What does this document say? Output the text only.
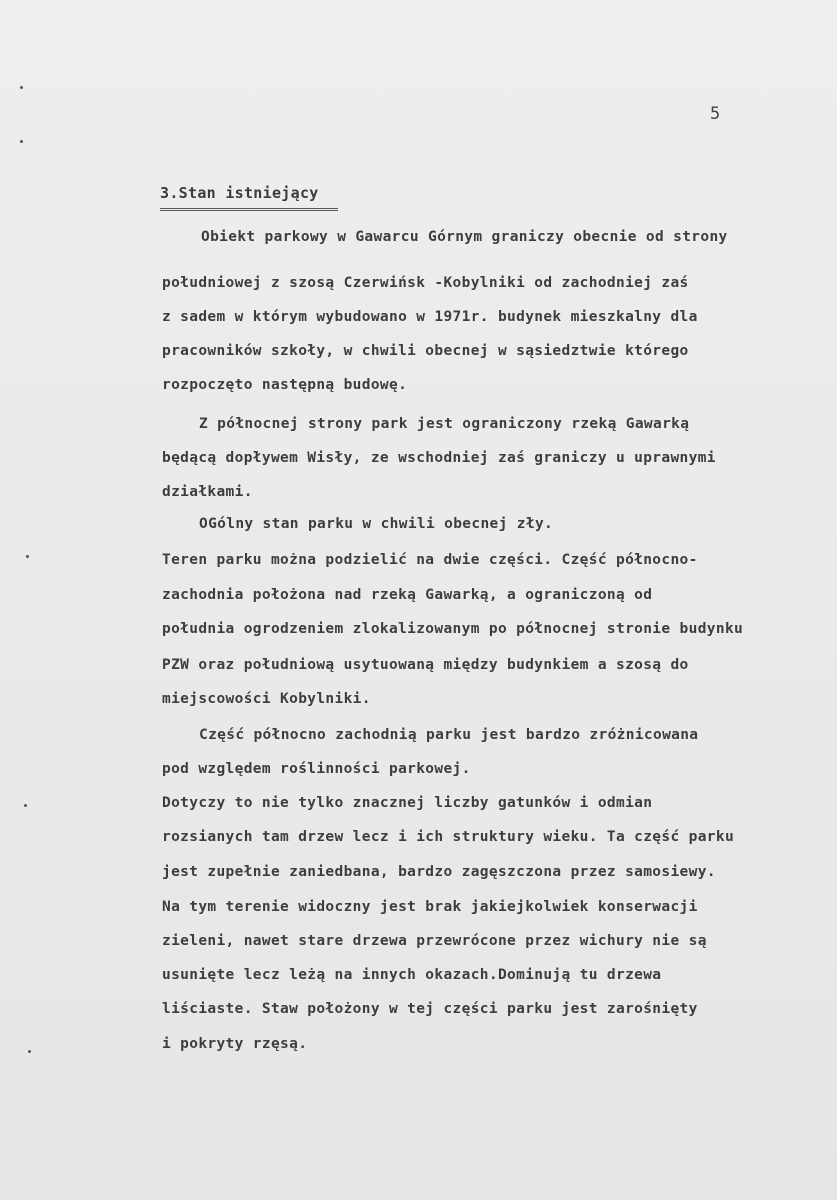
5
3.Stan istniejący
Obiekt parkowy w Gawarcu Górnym graniczy obecnie od strony
południowej z szosą Czerwińsk -Kobylniki od zachodniej zaś
z sadem w którym wybudowano w 1971r. budynek mieszkalny dla
pracowników szkoły, w chwili obecnej w sąsiedztwie którego
rozpoczęto następną budowę.
Z północnej strony park jest ograniczony rzeką Gawarką
będącą dopływem Wisły, ze wschodniej zaś graniczy u uprawnymi
działkami.
OGólny stan parku w chwili obecnej zły.
Teren parku można podzielić na dwie części. Część północno-
zachodnia położona nad rzeką Gawarką, a ograniczoną od
południa ogrodzeniem zlokalizowanym po północnej stronie budynku
PZW oraz południową usytuowaną między budynkiem a szosą do
miejscowości Kobylniki.
Część północno zachodnią parku jest bardzo zróżnicowana
pod względem roślinności parkowej.
Dotyczy to nie tylko znacznej liczby gatunków i odmian
rozsianych tam drzew lecz i ich struktury wieku. Ta część parku
jest zupełnie zaniedbana, bardzo zagęszczona przez samosiewy.
Na tym terenie widoczny jest brak jakiejkolwiek konserwacji
zieleni, nawet stare drzewa przewrócone przez wichury nie są
usunięte lecz leżą na innych okazach.Dominują tu drzewa
liściaste. Staw położony w tej części parku jest zarośnięty
i pokryty rzęsą.
